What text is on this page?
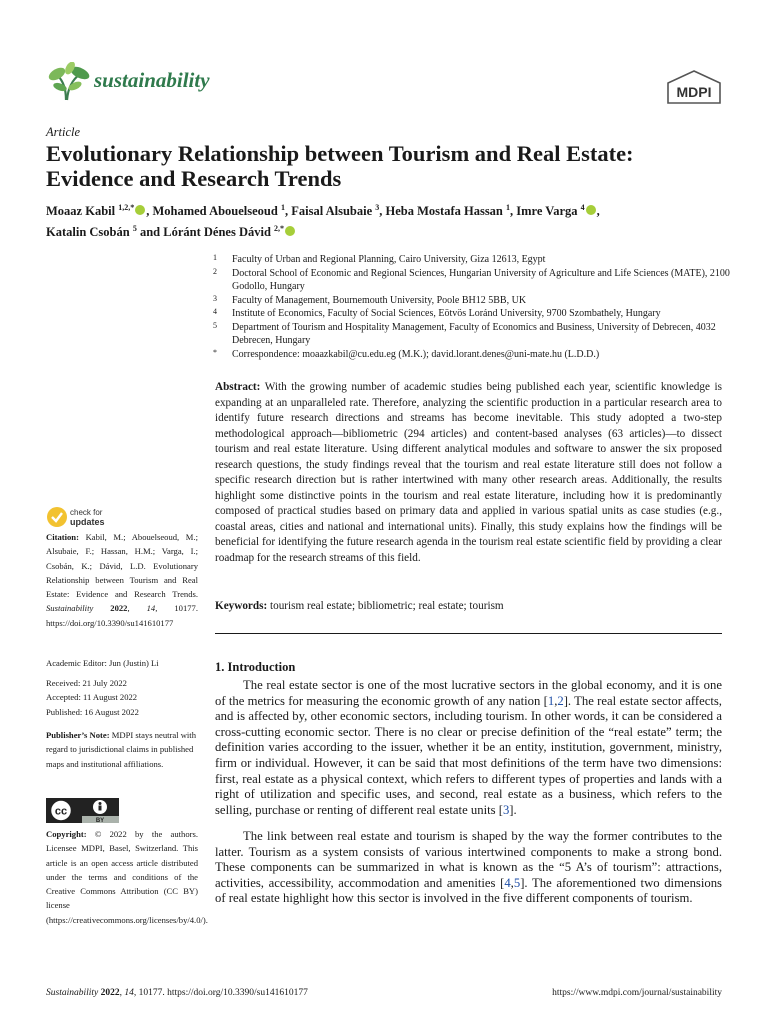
sustainability	MDPI
Article
Evolutionary Relationship between Tourism and Real Estate: Evidence and Research Trends
Moaaz Kabil $^{1,2,*}$ , Mohamed Abouelseoud $^1$, Faisal Alsubaie $^3$, Heba Mostafa Hassan $^1$, Imre Varga $^4$ ,
Katalin Csobán $^5$ and Lóránt Dénes Dávid $^{2,*}$
1 Faculty of Urban and Regional Planning, Cairo University, Giza 12613, Egypt
2 Doctoral School of Economic and Regional Sciences, Hungarian University of Agriculture and Life Sciences (MATE), 2100 Godollo, Hungary
3 Faculty of Management, Bournemouth University, Poole BH12 5BB, UK
4 Institute of Economics, Faculty of Social Sciences, Eötvös Loránd University, 9700 Szombathely, Hungary
5 Department of Tourism and Hospitality Management, Faculty of Economics and Business, University of Debrecen, 4032 Debrecen, Hungary
* Correspondence: moaazkabil@cu.edu.eg (M.K.); david.lorant.denes@uni-mate.hu (L.D.D.)
Abstract: With the growing number of academic studies being published each year, scientific knowledge is expanding at an unparalleled rate. Therefore, analyzing the scientific production in a particular research area to identify future research directions and streams has become inevitable. This study adopted a two-step methodological approach—bibliometric (294 articles) and content-based analyses (63 articles)—to dissect tourism and real estate literature. Using different analytical modules and software to answer the six proposed research questions, the study findings reveal that the tourism and real estate literature still does not follow a specific research direction but is rather intertwined with many other research areas. Additionally, the results highlight some distinctive points in the tourism and real estate literature, including how it is predominantly composed of practical studies based on primary data and applied in various spatial units as case studies (e.g., coastal areas, cities and national and international units). Finally, this study explains how the findings will be beneficial for identifying the future research agenda in the tourism real estate scientific field by providing a clear roadmap for the research streams of this field.
Keywords: tourism real estate; bibliometric; real estate; tourism
check for
updates
Citation: Kabil, M.; Abouelseoud, M.; Alsubaie, F.; Hassan, H.M.; Varga, I.; Csobán, K.; Dávid, L.D. Evolutionary Relationship between Tourism and Real Estate: Evidence and Research Trends. Sustainability 2022, 14, 10177. https://doi.org/10.3390/su141610177
Academic Editor: Jun (Justin) Li
Received: 21 July 2022
Accepted: 11 August 2022
Published: 16 August 2022
Publisher’s Note: MDPI stays neutral with regard to jurisdictional claims in published maps and institutional affiliations.
cc
BY
Copyright: © 2022 by the authors. Licensee MDPI, Basel, Switzerland. This article is an open access article distributed under the terms and conditions of the Creative Commons Attribution (CC BY) license (https://creativecommons.org/licenses/by/4.0/).
1. Introduction
The real estate sector is one of the most lucrative sectors in the global economy, and it is one of the metrics for measuring the economic growth of any nation [1,2]. The real estate sector affects, and is affected by, other economic sectors, including tourism. In other words, it can be considered a cross-cutting economic sector. There is no clear or precise definition of the “real estate” term; the definition varies according to the issuer, whether it be an entity, institution, government, ministry, firm or individual. However, it can be said that most definitions of the term have two dimensions: first, real estate as a physical context, which refers to different types of properties and lands with a right of utilization and specific uses, and second, real estate as a business, which refers to the selling, purchase or renting of different real estate units [3].
The link between real estate and tourism is shaped by the way the former contributes to the latter. Tourism as a system consists of various intertwined components to make a strong bond. These components can be summarized in what is known as the “5 A’s of tourism”: attractions, activities, accessibility, accommodation and amenities [4,5]. The aforementioned two dimensions of real estate highlight how this sector is involved in the five different components of tourism.
Sustainability 2022, 14, 10177. https://doi.org/10.3390/su141610177	https://www.mdpi.com/journal/sustainability
